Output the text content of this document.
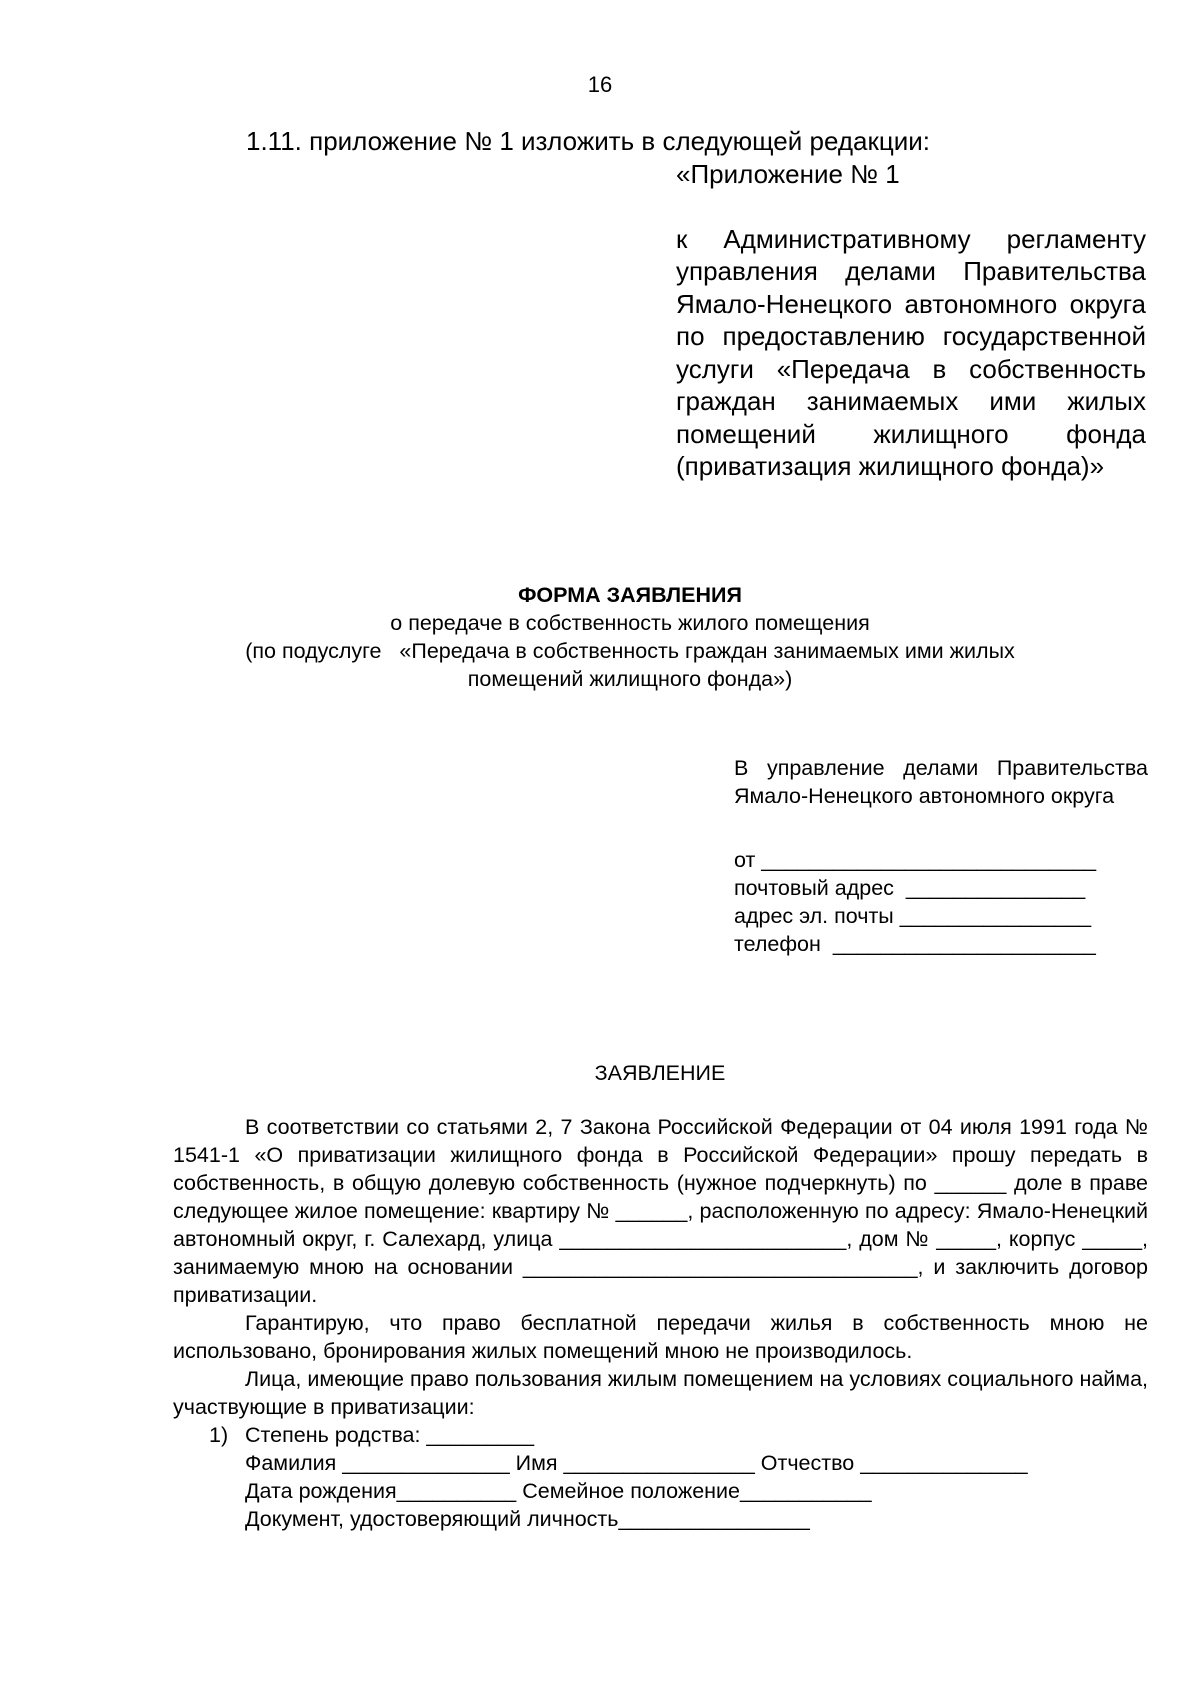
16
1.11. приложение № 1 изложить в следующей редакции:
«Приложение № 1
к Административному регламенту управления делами Правительства Ямало-Ненецкого автономного округа по предоставлению государственной услуги «Передача в собственность граждан занимаемых ими жилых помещений жилищного фонда (приватизация жилищного фонда)»
ФОРМА ЗАЯВЛЕНИЯ
о передаче в собственность жилого помещения
(по подуслуге   «Передача в собственность граждан занимаемых ими жилых
помещений жилищного фонда»)
В управление делами Правительства Ямало-Ненецкого автономного округа
от ____________________________
почтовый адрес  _______________
адрес эл. почты ________________
телефон  ______________________
ЗАЯВЛЕНИЕ
В соответствии со статьями 2, 7 Закона Российской Федерации от 04 июля 1991 года № 1541-1 «О приватизации жилищного фонда в Российской Федерации» прошу передать в собственность, в общую долевую собственность (нужное подчеркнуть) по ______ доле в праве следующее жилое помещение: квартиру № ______, расположенную по адресу: Ямало-Ненецкий автономный округ, г. Салехард, улица ________________________, дом № _____, корпус _____, занимаемую мною на основании _________________________________, и заключить договор приватизации.
Гарантирую, что право бесплатной передачи жилья в собственность мною не использовано, бронирования жилых помещений мною не производилось.
Лица, имеющие право пользования жилым помещением на условиях социального найма, участвующие в приватизации:
1) Степень родства: _________
Фамилия ______________ Имя ________________ Отчество ______________
Дата рождения__________ Семейное положение___________
Документ, удостоверяющий личность________________
